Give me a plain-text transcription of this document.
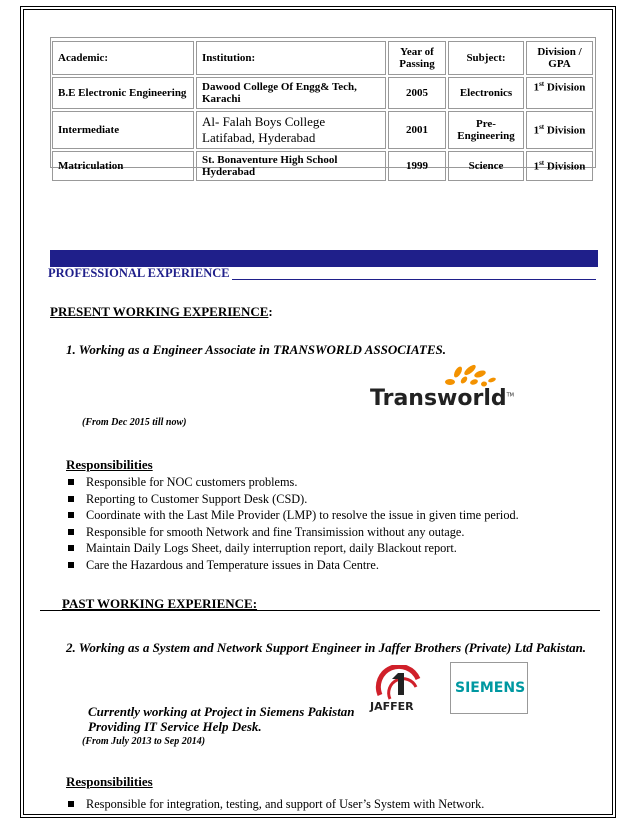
Academic:	Institution:	Year of Passing	Subject:	Division / GPA
B.E Electronic Engineering	Dawood College Of Engg& Tech, Karachi	2005	Electronics	1st Division
Intermediate	Al- Falah Boys College Latifabad, Hyderabad	2001	Pre-Engineering	1st Division
Matriculation	St. Bonaventure High School Hyderabad	1999	Science	1st Division
PROFESSIONAL EXPERIENCE
PRESENT WORKING EXPERIENCE:
1. Working as a Engineer Associate in TRANSWORLD ASSOCIATES.
Transworld™
(From Dec 2015 till now)
Responsibilities
Responsible for NOC customers problems.
Reporting to Customer Support Desk (CSD).
Coordinate with the Last Mile Provider (LMP) to resolve the issue in given time period.
Responsible for smooth Network and fine Transimission without any outage.
Maintain Daily Logs Sheet, daily interruption report, daily Blackout report.
Care the Hazardous and Temperature issues in Data Centre.
PAST WORKING EXPERIENCE:
2. Working as a System and Network Support Engineer in Jaffer Brothers (Private) Ltd Pakistan.
JAFFER
SIEMENS
Currently working at Project in Siemens Pakistan
Providing IT Service Help Desk.
(From July 2013 to Sep 2014)
Responsibilities
Responsible for integration, testing, and support of User’s System with Network.
